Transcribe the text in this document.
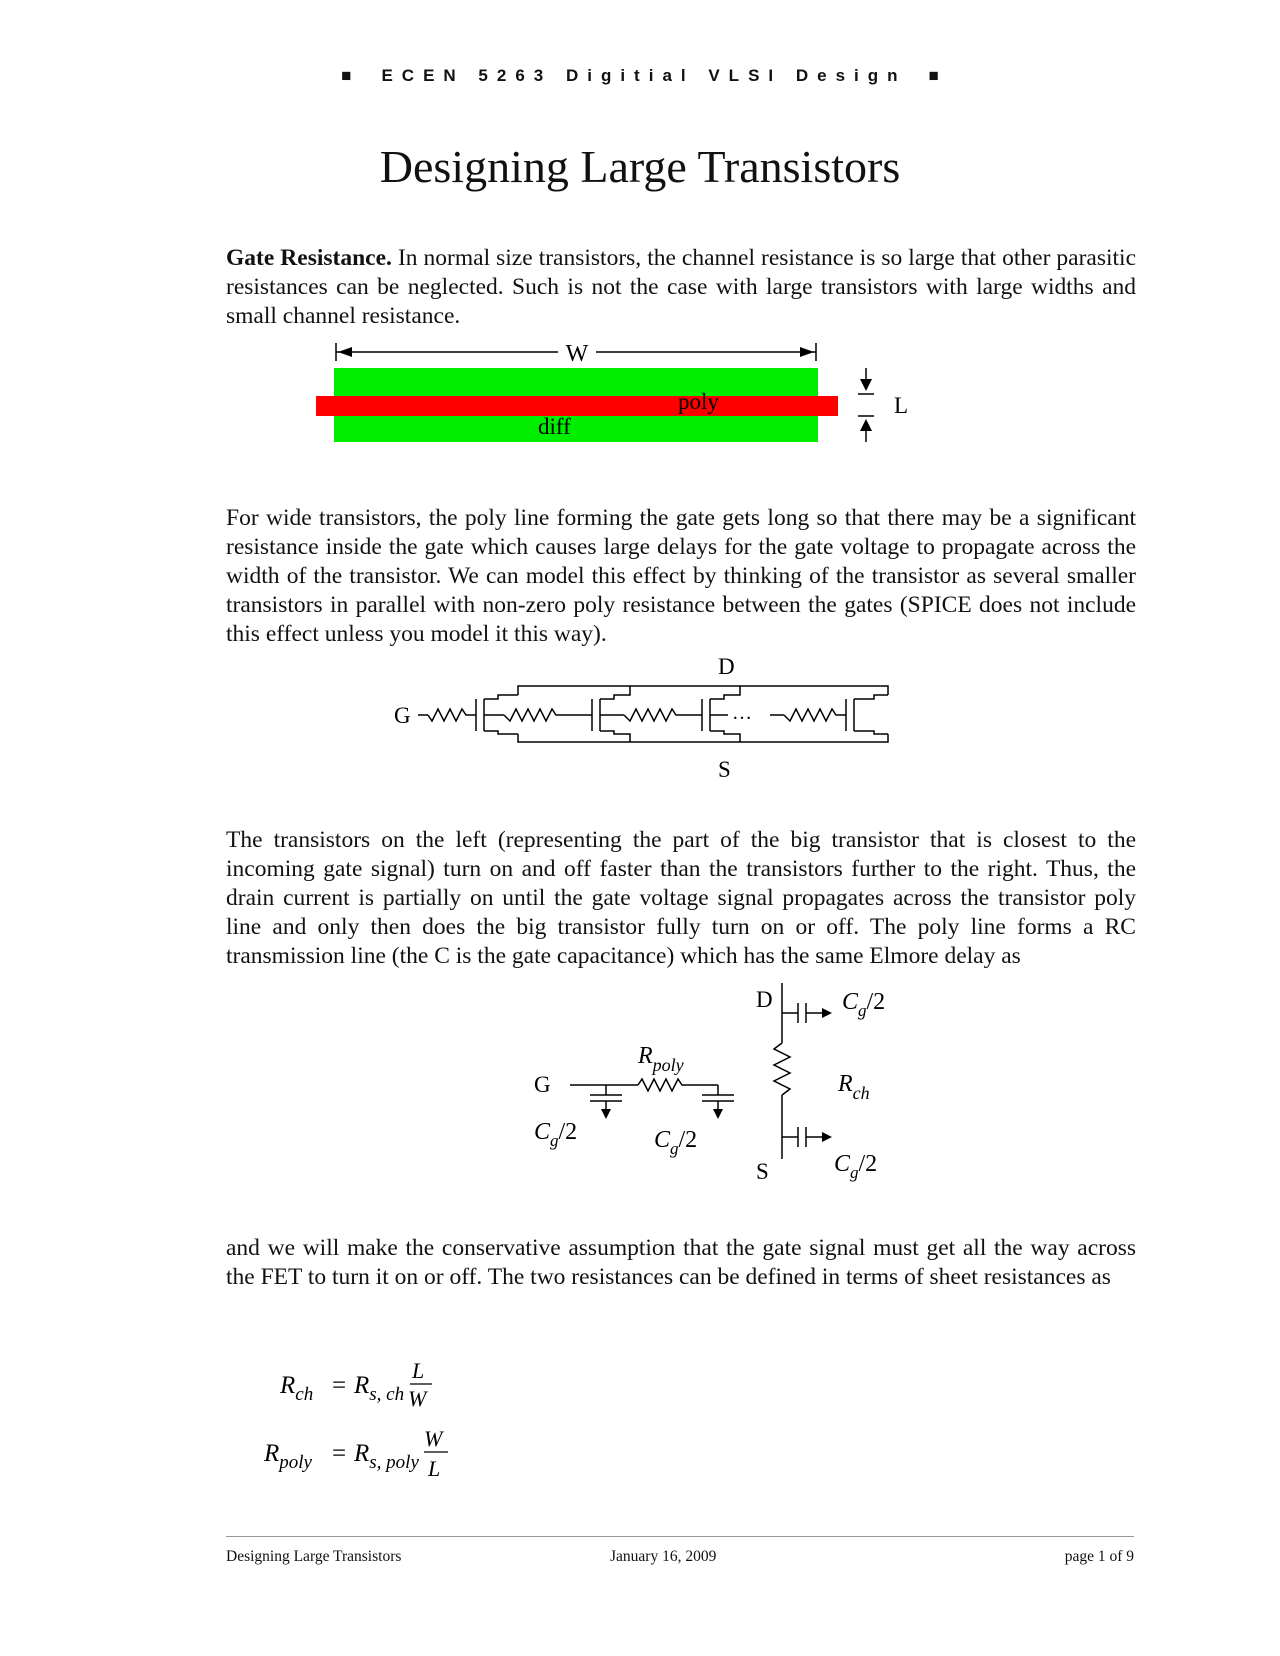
■ ECEN 5263 Digitial VLSI Design ■
Designing Large Transistors
Gate Resistance. In normal size transistors, the channel resistance is so large that other parasitic resistances can be neglected. Such is not the case with large transistors with large widths and small channel resistance.
W
poly
diff
L
For wide transistors, the poly line forming the gate gets long so that there may be a significant resistance inside the gate which causes large delays for the gate voltage to propagate across the width of the transistor. We can model this effect by thinking of the transistor as several smaller transistors in parallel with non-zero poly resistance between the gates (SPICE does not include this effect unless you model it this way).
G
D
S
…
The transistors on the left (representing the part of the big transistor that is closest to the incoming gate signal) turn on and off faster than the transistors further to the right. Thus, the drain current is partially on until the gate voltage signal propagates across the transistor poly line and only then does the big transistor fully turn on or off. The poly line forms a RC transmission line (the C is the gate capacitance) which has the same Elmore delay as
G
D
S
$R_{poly}$
$R_{ch}$
$C_g/2$
$C_g/2$	$C_g/2$
$C_g/2$
and we will make the conservative assumption that the gate signal must get all the way across the FET to turn it on or off. The two resistances can be defined in terms of sheet resistances as
$R_{ch} = R_{s, ch}$
L
W
$R_{poly} = R_{s, poly}$
W
L
Designing Large Transistors	January 16, 2009	page 1 of 9
